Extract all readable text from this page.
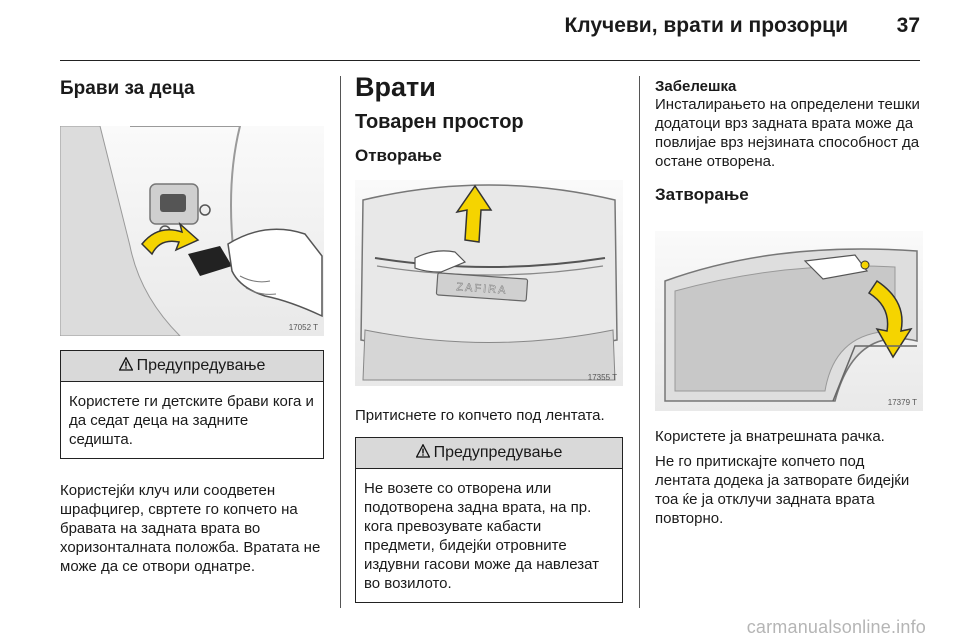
Клучеви, врати и прозорци 37
Брави за деца
17052 T
Предупредување
Користете ги детските брави кога и да седат деца на задните седишта.

Користејќи клуч или соодветен шрафцигер, свртете го копчето на бравата на задната врата во хоризонталната положба. Вратата не може да се отвори однатре.

Врати
Товарен простор
Отворање
ZAFIRA
17355 T

Притиснете го копчето под лентата.

Предупредување
Не возете со отворена или подотворена задна врата, на пр. кога превозувате кабасти предмети, бидејќи отровните издувни гасови може да навлезат во возилото.
Забелешка

Инсталирањето на определени тешки додатоци врз задната врата може да повлијае врз нејзината способност да остане отворена.

Затворање
17379 T

Користете ја внатрешната рачка.

Не го притискајте копчето под лентата додека ја затворате бидејќи тоа ќе ја отклучи задната врата повторно.

carmanualsonline.info
